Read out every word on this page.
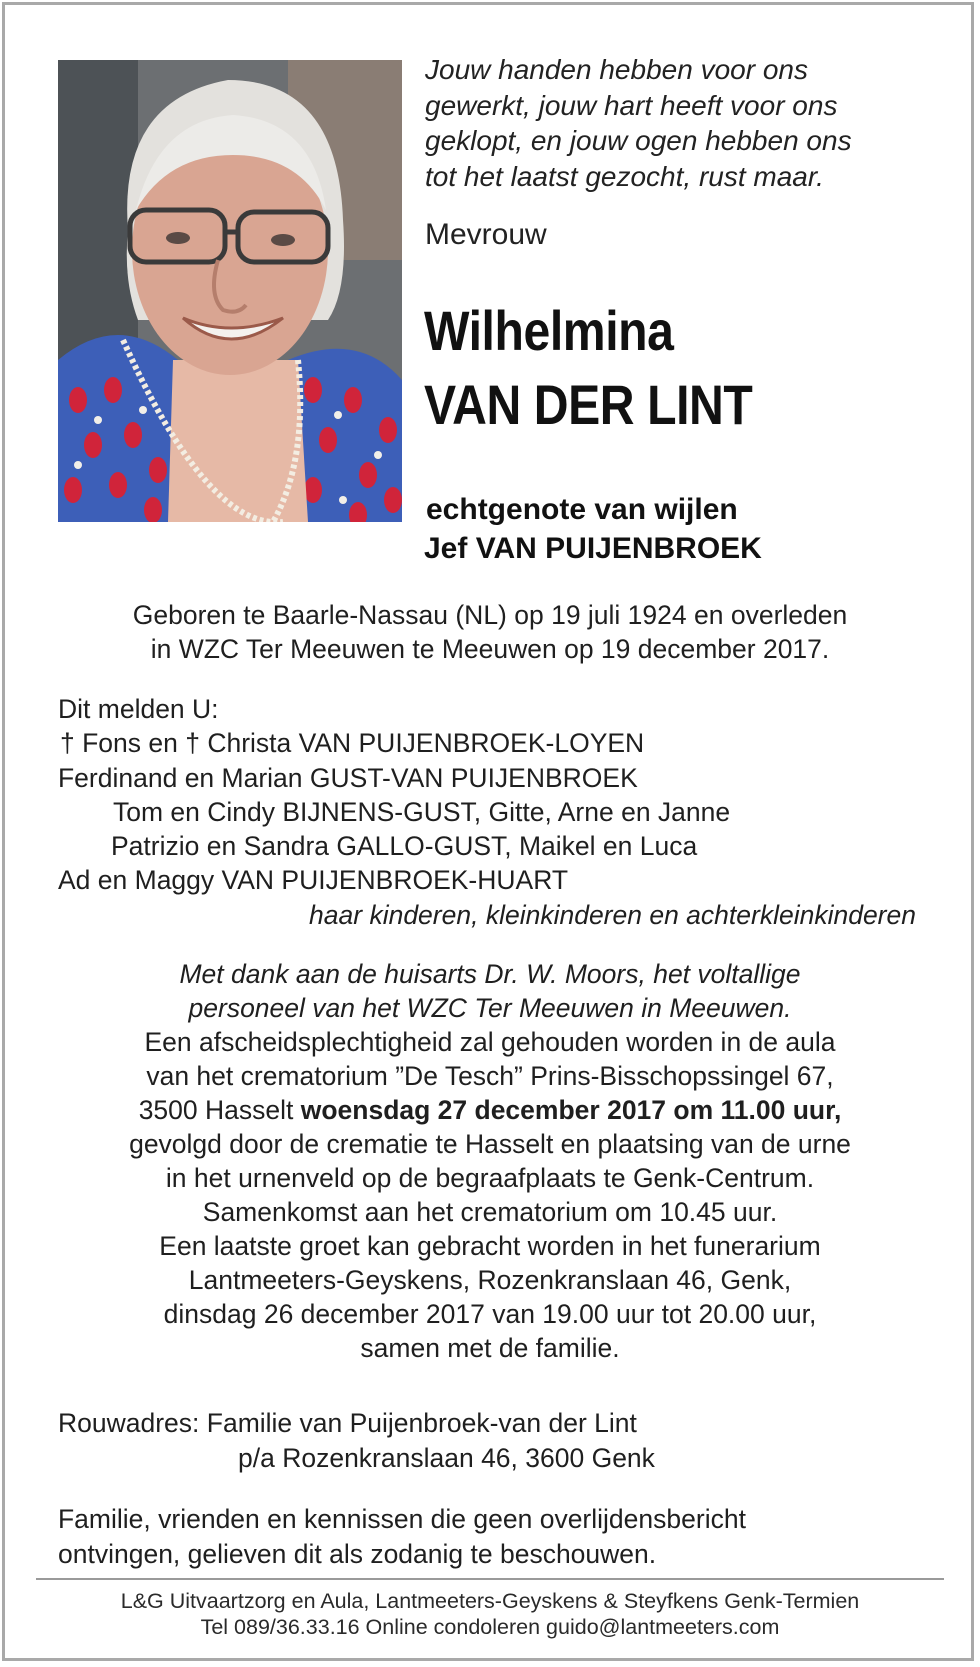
Jouw handen hebben voor ons
gewerkt, jouw hart heeft voor ons
geklopt, en jouw ogen hebben ons
tot het laatst gezocht, rust maar.
Mevrouw
Wilhelmina
VAN DER LINT
echtgenote van wijlen
Jef VAN PUIJENBROEK
Geboren te Baarle-Nassau (NL) op 19 juli 1924 en overleden
in WZC Ter Meeuwen te Meeuwen op 19 december 2017.
Dit melden U:
† Fons en † Christa VAN PUIJENBROEK-LOYEN
Ferdinand en Marian GUST-VAN PUIJENBROEK
Tom en Cindy BIJNENS-GUST, Gitte, Arne en Janne
Patrizio en Sandra GALLO-GUST, Maikel en Luca
Ad en Maggy VAN PUIJENBROEK-HUART
haar kinderen, kleinkinderen en achterkleinkinderen
Met dank aan de huisarts Dr. W. Moors, het voltallige
personeel van het WZC Ter Meeuwen in Meeuwen.
Een afscheidsplechtigheid zal gehouden worden in de aula
van het crematorium ”De Tesch” Prins-Bisschopssingel 67,
3500 Hasselt woensdag 27 december 2017 om 11.00 uur,
gevolgd door de crematie te Hasselt en plaatsing van de urne
in het urnenveld op de begraafplaats te Genk-Centrum.
Samenkomst aan het crematorium om 10.45 uur.
Een laatste groet kan gebracht worden in het funerarium
Lantmeeters-Geyskens, Rozenkranslaan 46, Genk,
dinsdag 26 december 2017 van 19.00 uur tot 20.00 uur,
samen met de familie.
Rouwadres: Familie van Puijenbroek-van der Lint
p/a Rozenkranslaan 46, 3600 Genk
Familie, vrienden en kennissen die geen overlijdensbericht
ontvingen, gelieven dit als zodanig te beschouwen.
L&G Uitvaartzorg en Aula, Lantmeeters-Geyskens & Steyfkens Genk-Termien
Tel 089/36.33.16 Online condoleren guido@lantmeeters.com
